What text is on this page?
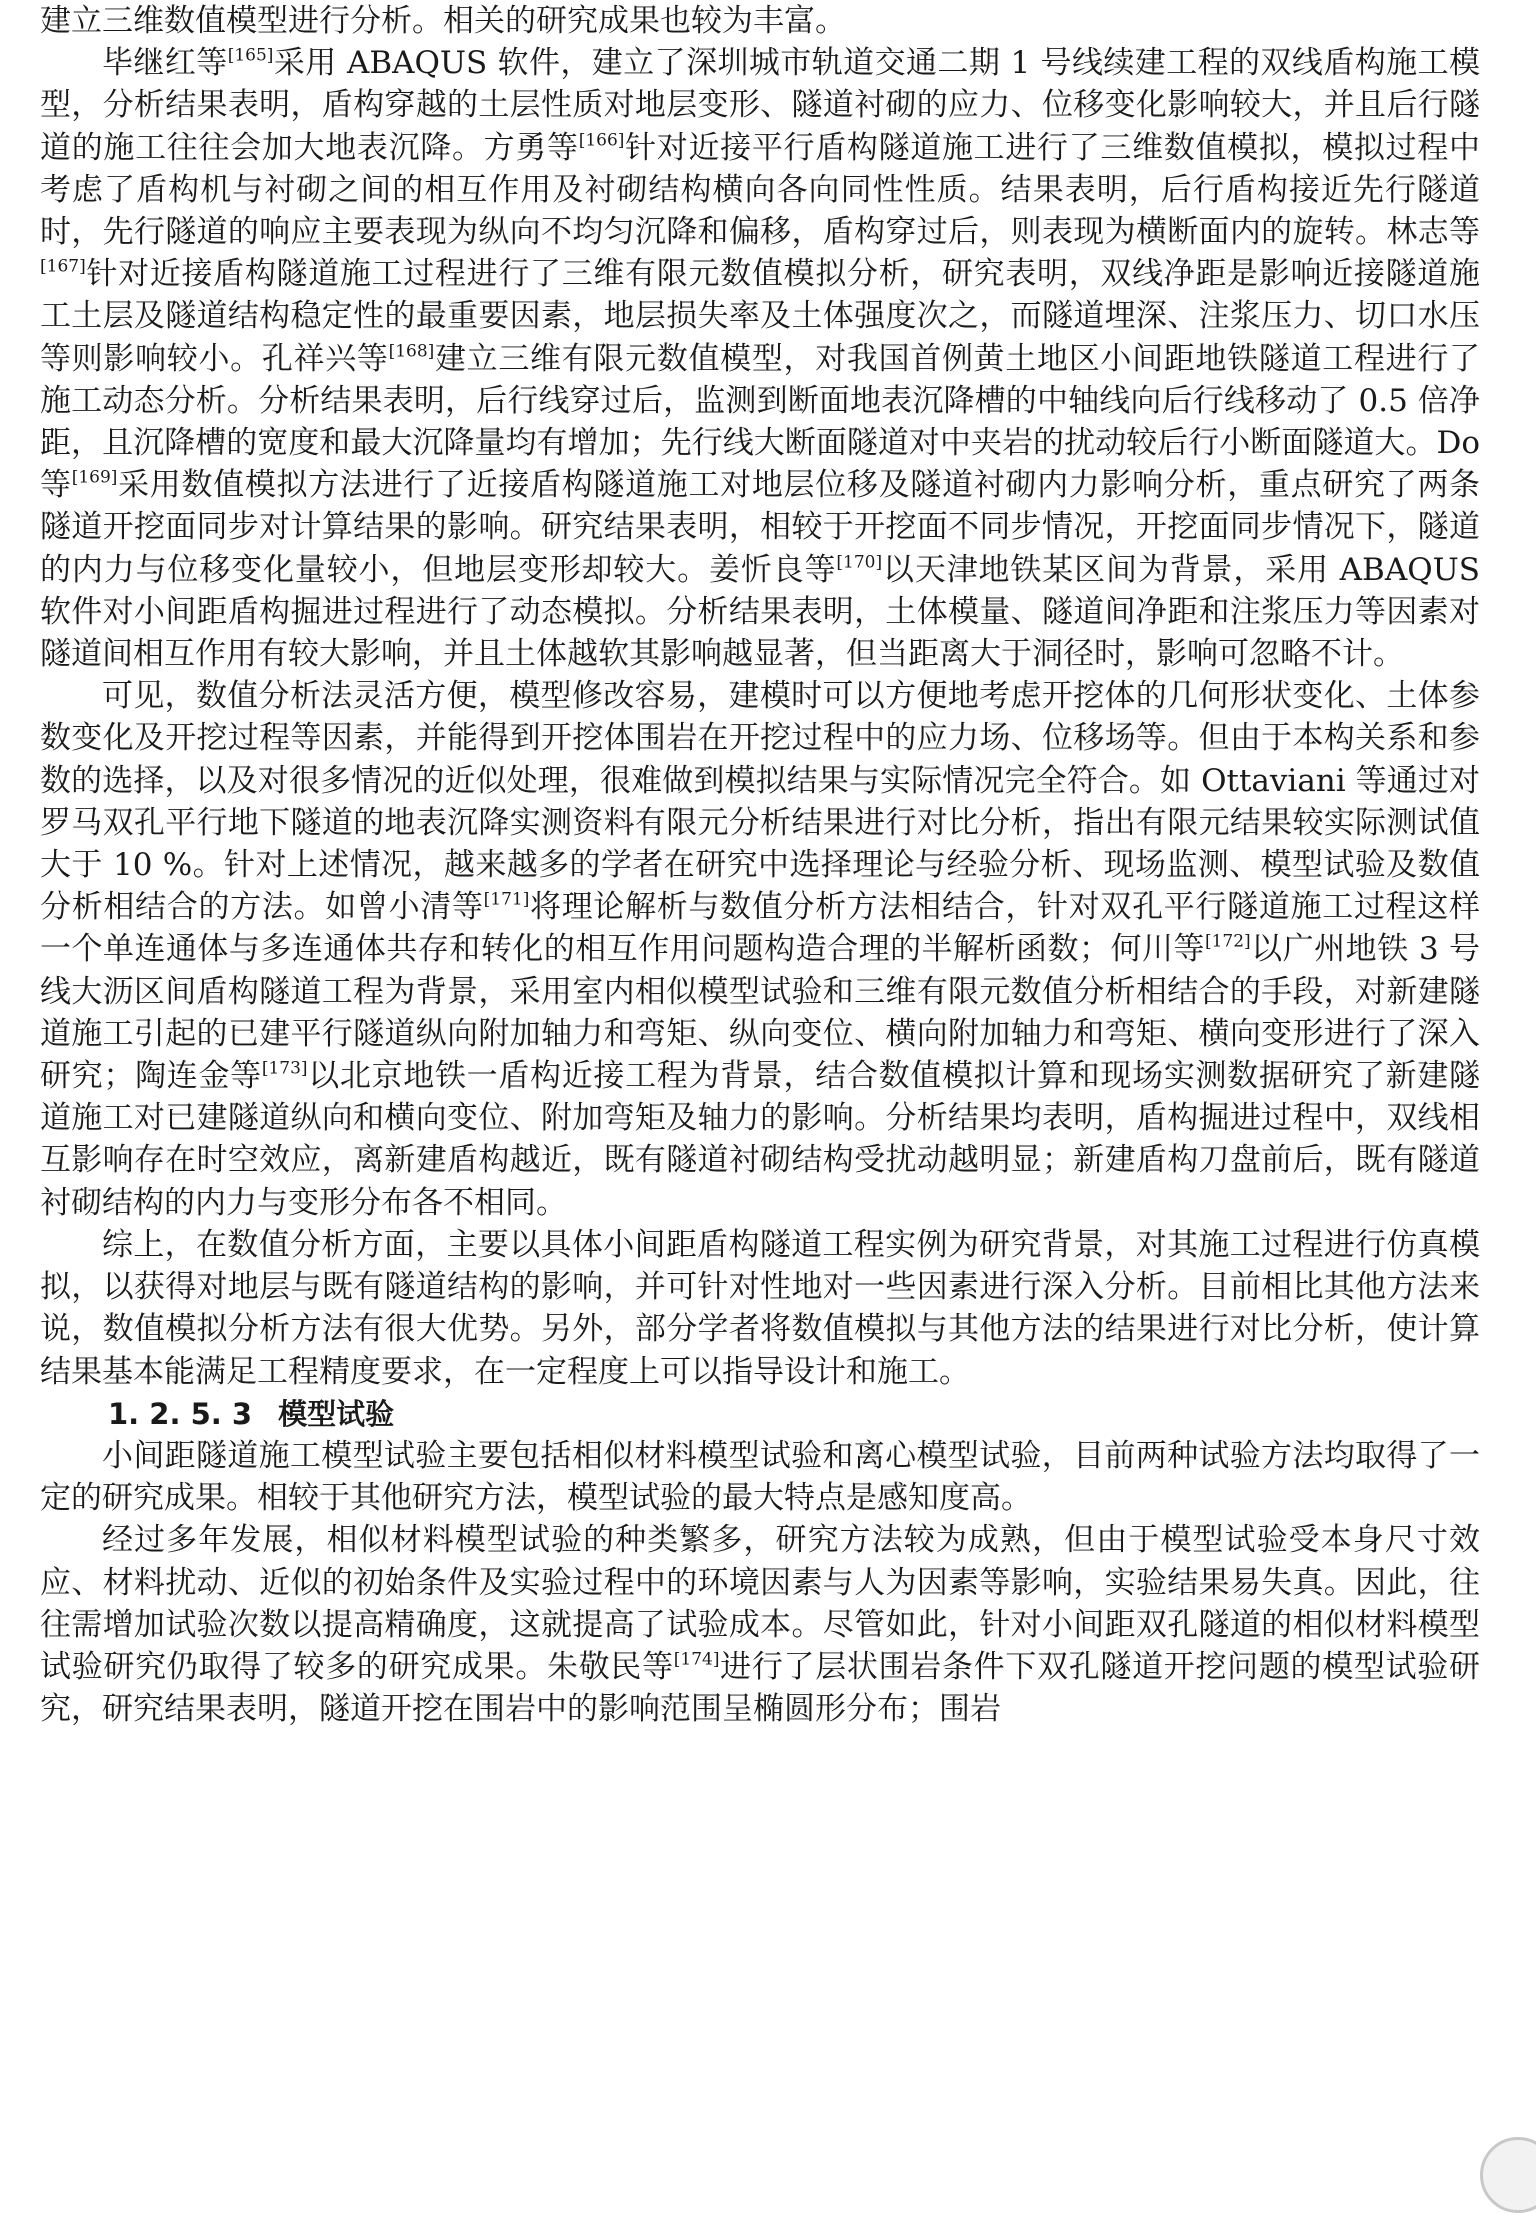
建立三维数值模型进行分析。相关的研究成果也较为丰富。

毕继红等[165]采用 ABAQUS 软件，建立了深圳城市轨道交通二期 1 号线续建工程的双线盾构施工模型，分析结果表明，盾构穿越的土层性质对地层变形、隧道衬砌的应力、位移变化影响较大，并且后行隧道的施工往往会加大地表沉降。方勇等[166]针对近接平行盾构隧道施工进行了三维数值模拟，模拟过程中考虑了盾构机与衬砌之间的相互作用及衬砌结构横向各向同性性质。结果表明，后行盾构接近先行隧道时，先行隧道的响应主要表现为纵向不均匀沉降和偏移，盾构穿过后，则表现为横断面内的旋转。林志等[167]针对近接盾构隧道施工过程进行了三维有限元数值模拟分析，研究表明，双线净距是影响近接隧道施工土层及隧道结构稳定性的最重要因素，地层损失率及土体强度次之，而隧道埋深、注浆压力、切口水压等则影响较小。孔祥兴等[168]建立三维有限元数值模型，对我国首例黄土地区小间距地铁隧道工程进行了施工动态分析。分析结果表明，后行线穿过后，监测到断面地表沉降槽的中轴线向后行线移动了 0.5 倍净距，且沉降槽的宽度和最大沉降量均有增加；先行线大断面隧道对中夹岩的扰动较后行小断面隧道大。Do 等[169]采用数值模拟方法进行了近接盾构隧道施工对地层位移及隧道衬砌内力影响分析，重点研究了两条隧道开挖面同步对计算结果的影响。研究结果表明，相较于开挖面不同步情况，开挖面同步情况下，隧道的内力与位移变化量较小，但地层变形却较大。姜忻良等[170]以天津地铁某区间为背景，采用 ABAQUS 软件对小间距盾构掘进过程进行了动态模拟。分析结果表明，土体模量、隧道间净距和注浆压力等因素对隧道间相互作用有较大影响，并且土体越软其影响越显著，但当距离大于洞径时，影响可忽略不计。

可见，数值分析法灵活方便，模型修改容易，建模时可以方便地考虑开挖体的几何形状变化、土体参数变化及开挖过程等因素，并能得到开挖体围岩在开挖过程中的应力场、位移场等。但由于本构关系和参数的选择，以及对很多情况的近似处理，很难做到模拟结果与实际情况完全符合。如 Ottaviani 等通过对罗马双孔平行地下隧道的地表沉降实测资料有限元分析结果进行对比分析，指出有限元结果较实际测试值大于 10 %。针对上述情况，越来越多的学者在研究中选择理论与经验分析、现场监测、模型试验及数值分析相结合的方法。如曾小清等[171]将理论解析与数值分析方法相结合，针对双孔平行隧道施工过程这样一个单连通体与多连通体共存和转化的相互作用问题构造合理的半解析函数；何川等[172]以广州地铁 3 号线大沥区间盾构隧道工程为背景，采用室内相似模型试验和三维有限元数值分析相结合的手段，对新建隧道施工引起的已建平行隧道纵向附加轴力和弯矩、纵向变位、横向附加轴力和弯矩、横向变形进行了深入研究；陶连金等[173]以北京地铁一盾构近接工程为背景，结合数值模拟计算和现场实测数据研究了新建隧道施工对已建隧道纵向和横向变位、附加弯矩及轴力的影响。分析结果均表明，盾构掘进过程中，双线相互影响存在时空效应，离新建盾构越近，既有隧道衬砌结构受扰动越明显；新建盾构刀盘前后，既有隧道衬砌结构的内力与变形分布各不相同。

综上，在数值分析方面，主要以具体小间距盾构隧道工程实例为研究背景，对其施工过程进行仿真模拟，以获得对地层与既有隧道结构的影响，并可针对性地对一些因素进行深入分析。目前相比其他方法来说，数值模拟分析方法有很大优势。另外，部分学者将数值模拟与其他方法的结果进行对比分析，使计算结果基本能满足工程精度要求，在一定程度上可以指导设计和施工。

1. 2. 5. 3 模型试验

小间距隧道施工模型试验主要包括相似材料模型试验和离心模型试验，目前两种试验方法均取得了一定的研究成果。相较于其他研究方法，模型试验的最大特点是感知度高。

经过多年发展，相似材料模型试验的种类繁多，研究方法较为成熟，但由于模型试验受本身尺寸效应、材料扰动、近似的初始条件及实验过程中的环境因素与人为因素等影响，实验结果易失真。因此，往往需增加试验次数以提高精确度，这就提高了试验成本。尽管如此，针对小间距双孔隧道的相似材料模型试验研究仍取得了较多的研究成果。朱敬民等[174]进行了层状围岩条件下双孔隧道开挖问题的模型试验研究，研究结果表明，隧道开挖在围岩中的影响范围呈椭圆形分布；围岩
